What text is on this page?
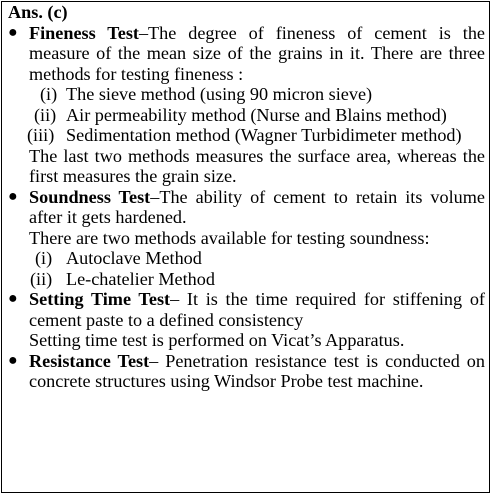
Ans. (c)
● Fineness Test–The degree of fineness of cement is the measure of the mean size of the grains in it. There are three methods for testing fineness :
(i) The sieve method (using 90 micron sieve)
(ii) Air permeability method (Nurse and Blains method)
(iii) Sedimentation method (Wagner Turbidimeter method)
The last two methods measures the surface area, whereas the first measures the grain size.
● Soundness Test–The ability of cement to retain its volume after it gets hardened.
There are two methods available for testing soundness:
(i) Autoclave Method
(ii) Le-chatelier Method
● Setting Time Test– It is the time required for stiffening of cement paste to a defined consistency
Setting time test is performed on Vicat’s Apparatus.
● Resistance Test– Penetration resistance test is conducted on concrete structures using Windsor Probe test machine.
